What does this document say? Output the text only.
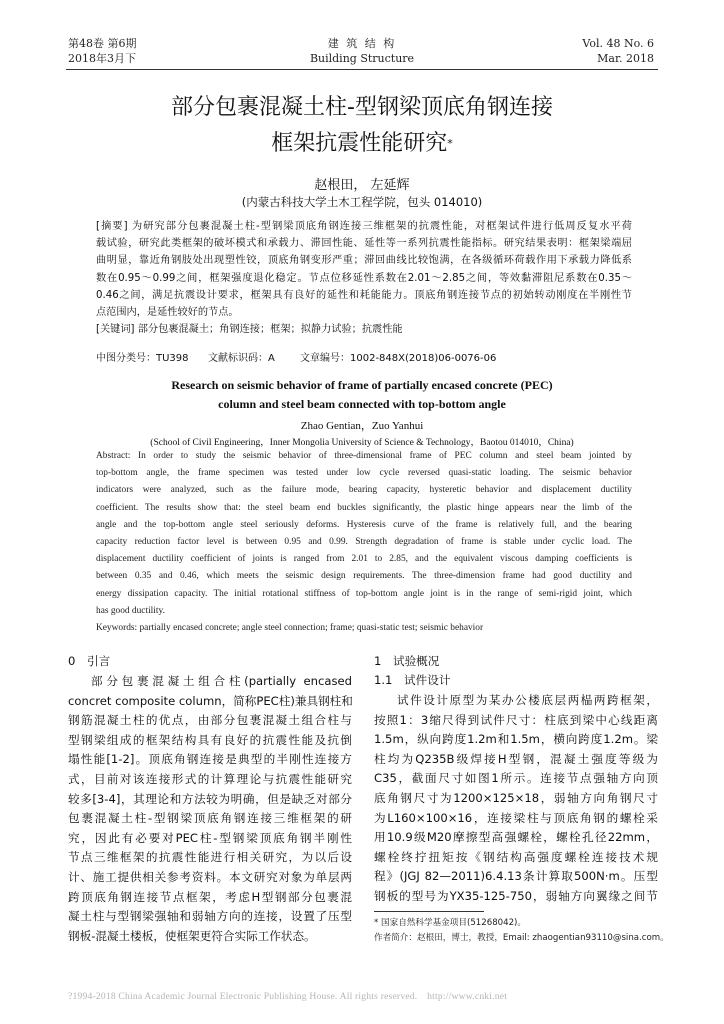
第48卷 第6期
2018年3月下
建 筑 结 构
Building Structure
Vol. 48 No. 6
Mar. 2018
部分包裹混凝土柱-型钢梁顶底角钢连接
框架抗震性能研究*
赵根田， 左延辉
(内蒙古科技大学土木工程学院，包头 014010)
[摘要] 为研究部分包裹混凝土柱-型钢梁顶底角钢连接三维框架的抗震性能，对框架试件进行低周反复水平荷
载试验，研究此类框架的破坏模式和承载力、滞回性能、延性等一系列抗震性能指标。研究结果表明：框架梁端屈
曲明显，靠近角钢肢处出现塑性铰，顶底角钢变形严重；滞回曲线比较饱满，在各级循环荷载作用下承载力降低系
数在0.95～0.99之间，框架强度退化稳定。节点位移延性系数在2.01～2.85之间，等效黏滞阻尼系数在0.35～
0.46之间，满足抗震设计要求，框架具有良好的延性和耗能能力。顶底角钢连接节点的初始转动刚度在半刚性节
点范围内，是延性较好的节点。
[关键词] 部分包裹混凝土；角钢连接；框架；拟静力试验；抗震性能
中图分类号：TU398 文献标识码：A	文章编号：1002-848X(2018)06-0076-06
Research on seismic behavior of frame of partially encased concrete (PEC)
column and steel beam connected with top-bottom angle
Zhao Gentian，Zuo Yanhui
(School of Civil Engineering，Inner Mongolia University of Science & Technology，Baotou 014010，China)
Abstract: In order to study the seismic behavior of three-dimensional frame of PEC column and steel beam jointed by
top-bottom angle, the frame specimen was tested under low cycle reversed quasi-static loading. The seismic behavior
indicators were analyzed, such as the failure mode, bearing capacity, hysteretic behavior and displacement ductility
coefficient. The results show that: the steel beam end buckles significantly, the plastic hinge appears near the limb of the
angle and the top-bottom angle steel seriously deforms. Hysteresis curve of the frame is relatively full, and the bearing
capacity reduction factor level is between 0.95 and 0.99. Strength degradation of frame is stable under cyclic load. The
displacement ductility coefficient of joints is ranged from 2.01 to 2.85, and the equivalent viscous damping coefficients is
between 0.35 and 0.46, which meets the seismic design requirements. The three-dimension frame had good ductility and
energy dissipation capacity. The initial rotational stiffness of top-bottom angle joint is in the range of semi-rigid joint, which
has good ductility.
Keywords: partially encased concrete; angle steel connection; frame; quasi-static test; seismic behavior
0　引言
部分包裹混凝土组合柱(partially encased
concret composite column，简称PEC柱)兼具钢柱和
钢筋混凝土柱的优点，由部分包裹混凝土组合柱与
型钢梁组成的框架结构具有良好的抗震性能及抗倒
塌性能[1-2]。顶底角钢连接是典型的半刚性连接方
式，目前对该连接形式的计算理论与抗震性能研究
较多[3-4]，其理论和方法较为明确，但是缺乏对部分
包裹混凝土柱-型钢梁顶底角钢连接三维框架的研
究，因此有必要对PEC柱-型钢梁顶底角钢半刚性
节点三维框架的抗震性能进行相关研究，为以后设
计、施工提供相关参考资料。本文研究对象为单层两
跨顶底角钢连接节点框架，考虑H型钢部分包裹混
凝土柱与型钢梁强轴和弱轴方向的连接，设置了压型
钢板-混凝土楼板，使框架更符合实际工作状态。
1　试验概况
1.1　试件设计
试件设计原型为某办公楼底层两榀两跨框架，
按照1：3缩尺得到试件尺寸：柱底到梁中心线距离
1.5m，纵向跨度1.2m和1.5m，横向跨度1.2m。梁
柱均为Q235B级焊接H型钢，混凝土强度等级为
C35，截面尺寸如图1所示。连接节点强轴方向顶
底角钢尺寸为1200×125×18，弱轴方向角钢尺寸
为L160×100×16，连接梁柱与顶底角钢的螺栓采
用10.9级M20摩擦型高强螺栓，螺栓孔径22mm，
螺栓终拧扭矩按《钢结构高强度螺栓连接技术规
程》(JGJ 82—2011)6.4.13条计算取500N·m。压型
钢板的型号为YX35-125-750，弱轴方向翼缘之间节
* 国家自然科学基金项目(51268042)。
作者简介：赵根田，博士，教授，Email: zhaogentian93110@sina.com。
?1994-2018 China Academic Journal Electronic Publishing House. All rights reserved.　http://www.cnki.net
